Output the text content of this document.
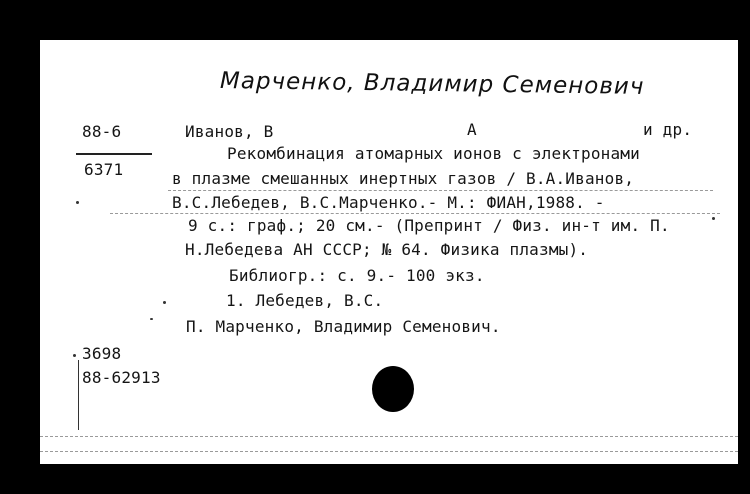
Марченко, Владимир Семенович
88-6
6371
Иванов, В	А	и др.
Рекомбинация атомарных ионов с электронами
в плазме смешанных инертных газов / В.А.Иванов,
В.С.Лебедев, В.С.Марченко.- М.: ФИАН,1988. -
9 с.: граф.; 20 см.- (Препринт / Физ. ин-т им. П.
Н.Лебедева АН СССР; № 64. Физика плазмы).
Библиогр.: с. 9.- 100 экз.
1. Лебедев, В.С.
П. Марченко, Владимир Семенович.
3698
88-62913
